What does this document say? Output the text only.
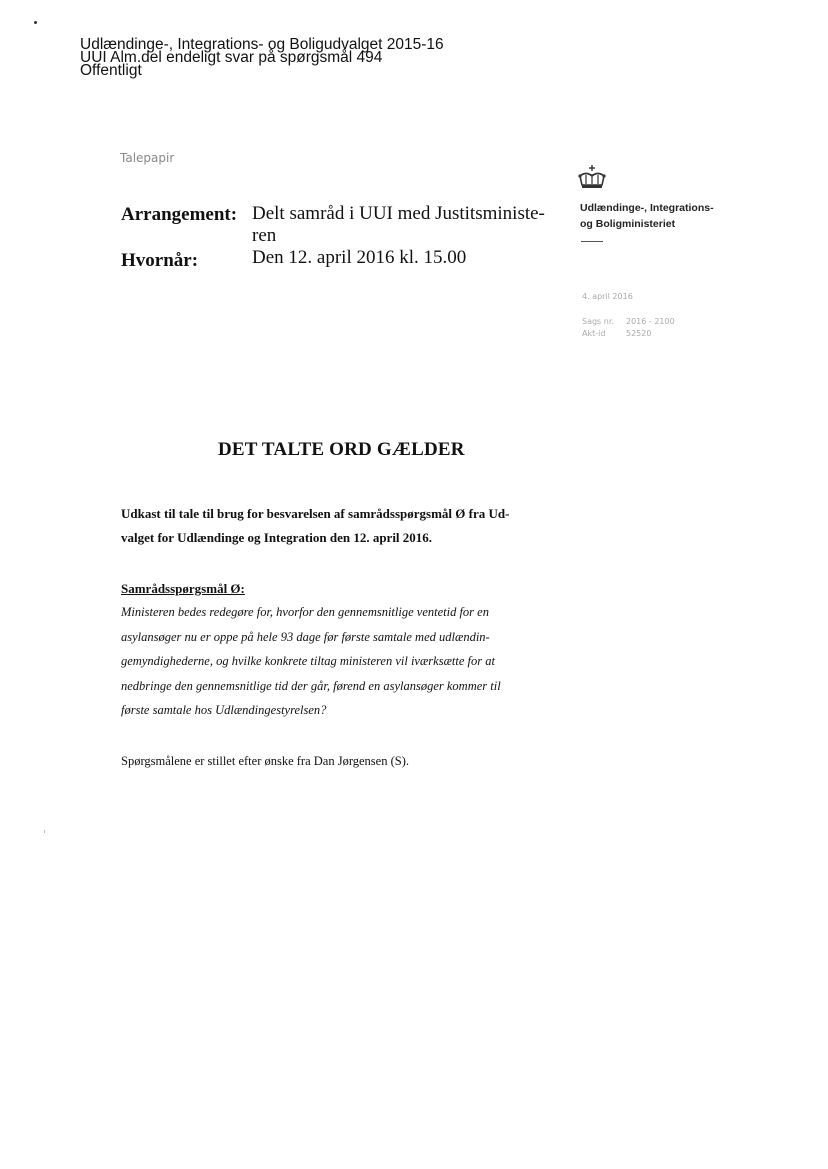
Udlændinge-, Integrations- og Boligudvalget 2015-16
UUI Alm.del endeligt svar på spørgsmål 494
Offentligt
Talepapir
Udlændinge-, Integrations-
og Boligministeriet
4. april 2016
Sags nr. 2016 - 2100
Akt-id	52520
Arrangement: Delt samråd i UUI med Justitsministe-
ren
Hvornår:	Den 12. april 2016 kl. 15.00
DET TALTE ORD GÆLDER
Udkast til tale til brug for besvarelsen af samrådsspørgsmål Ø fra Ud-
valget for Udlændinge og Integration den 12. april 2016.
Samrådsspørgsmål Ø:
Ministeren bedes redegøre for, hvorfor den gennemsnitlige ventetid for en
asylansøger nu er oppe på hele 93 dage før første samtale med udlændin-
gemyndighederne, og hvilke konkrete tiltag ministeren vil iværksætte for at
nedbringe den gennemsnitlige tid der går, førend en asylansøger kommer til
første samtale hos Udlændingestyrelsen?
Spørgsmålene er stillet efter ønske fra Dan Jørgensen (S).
